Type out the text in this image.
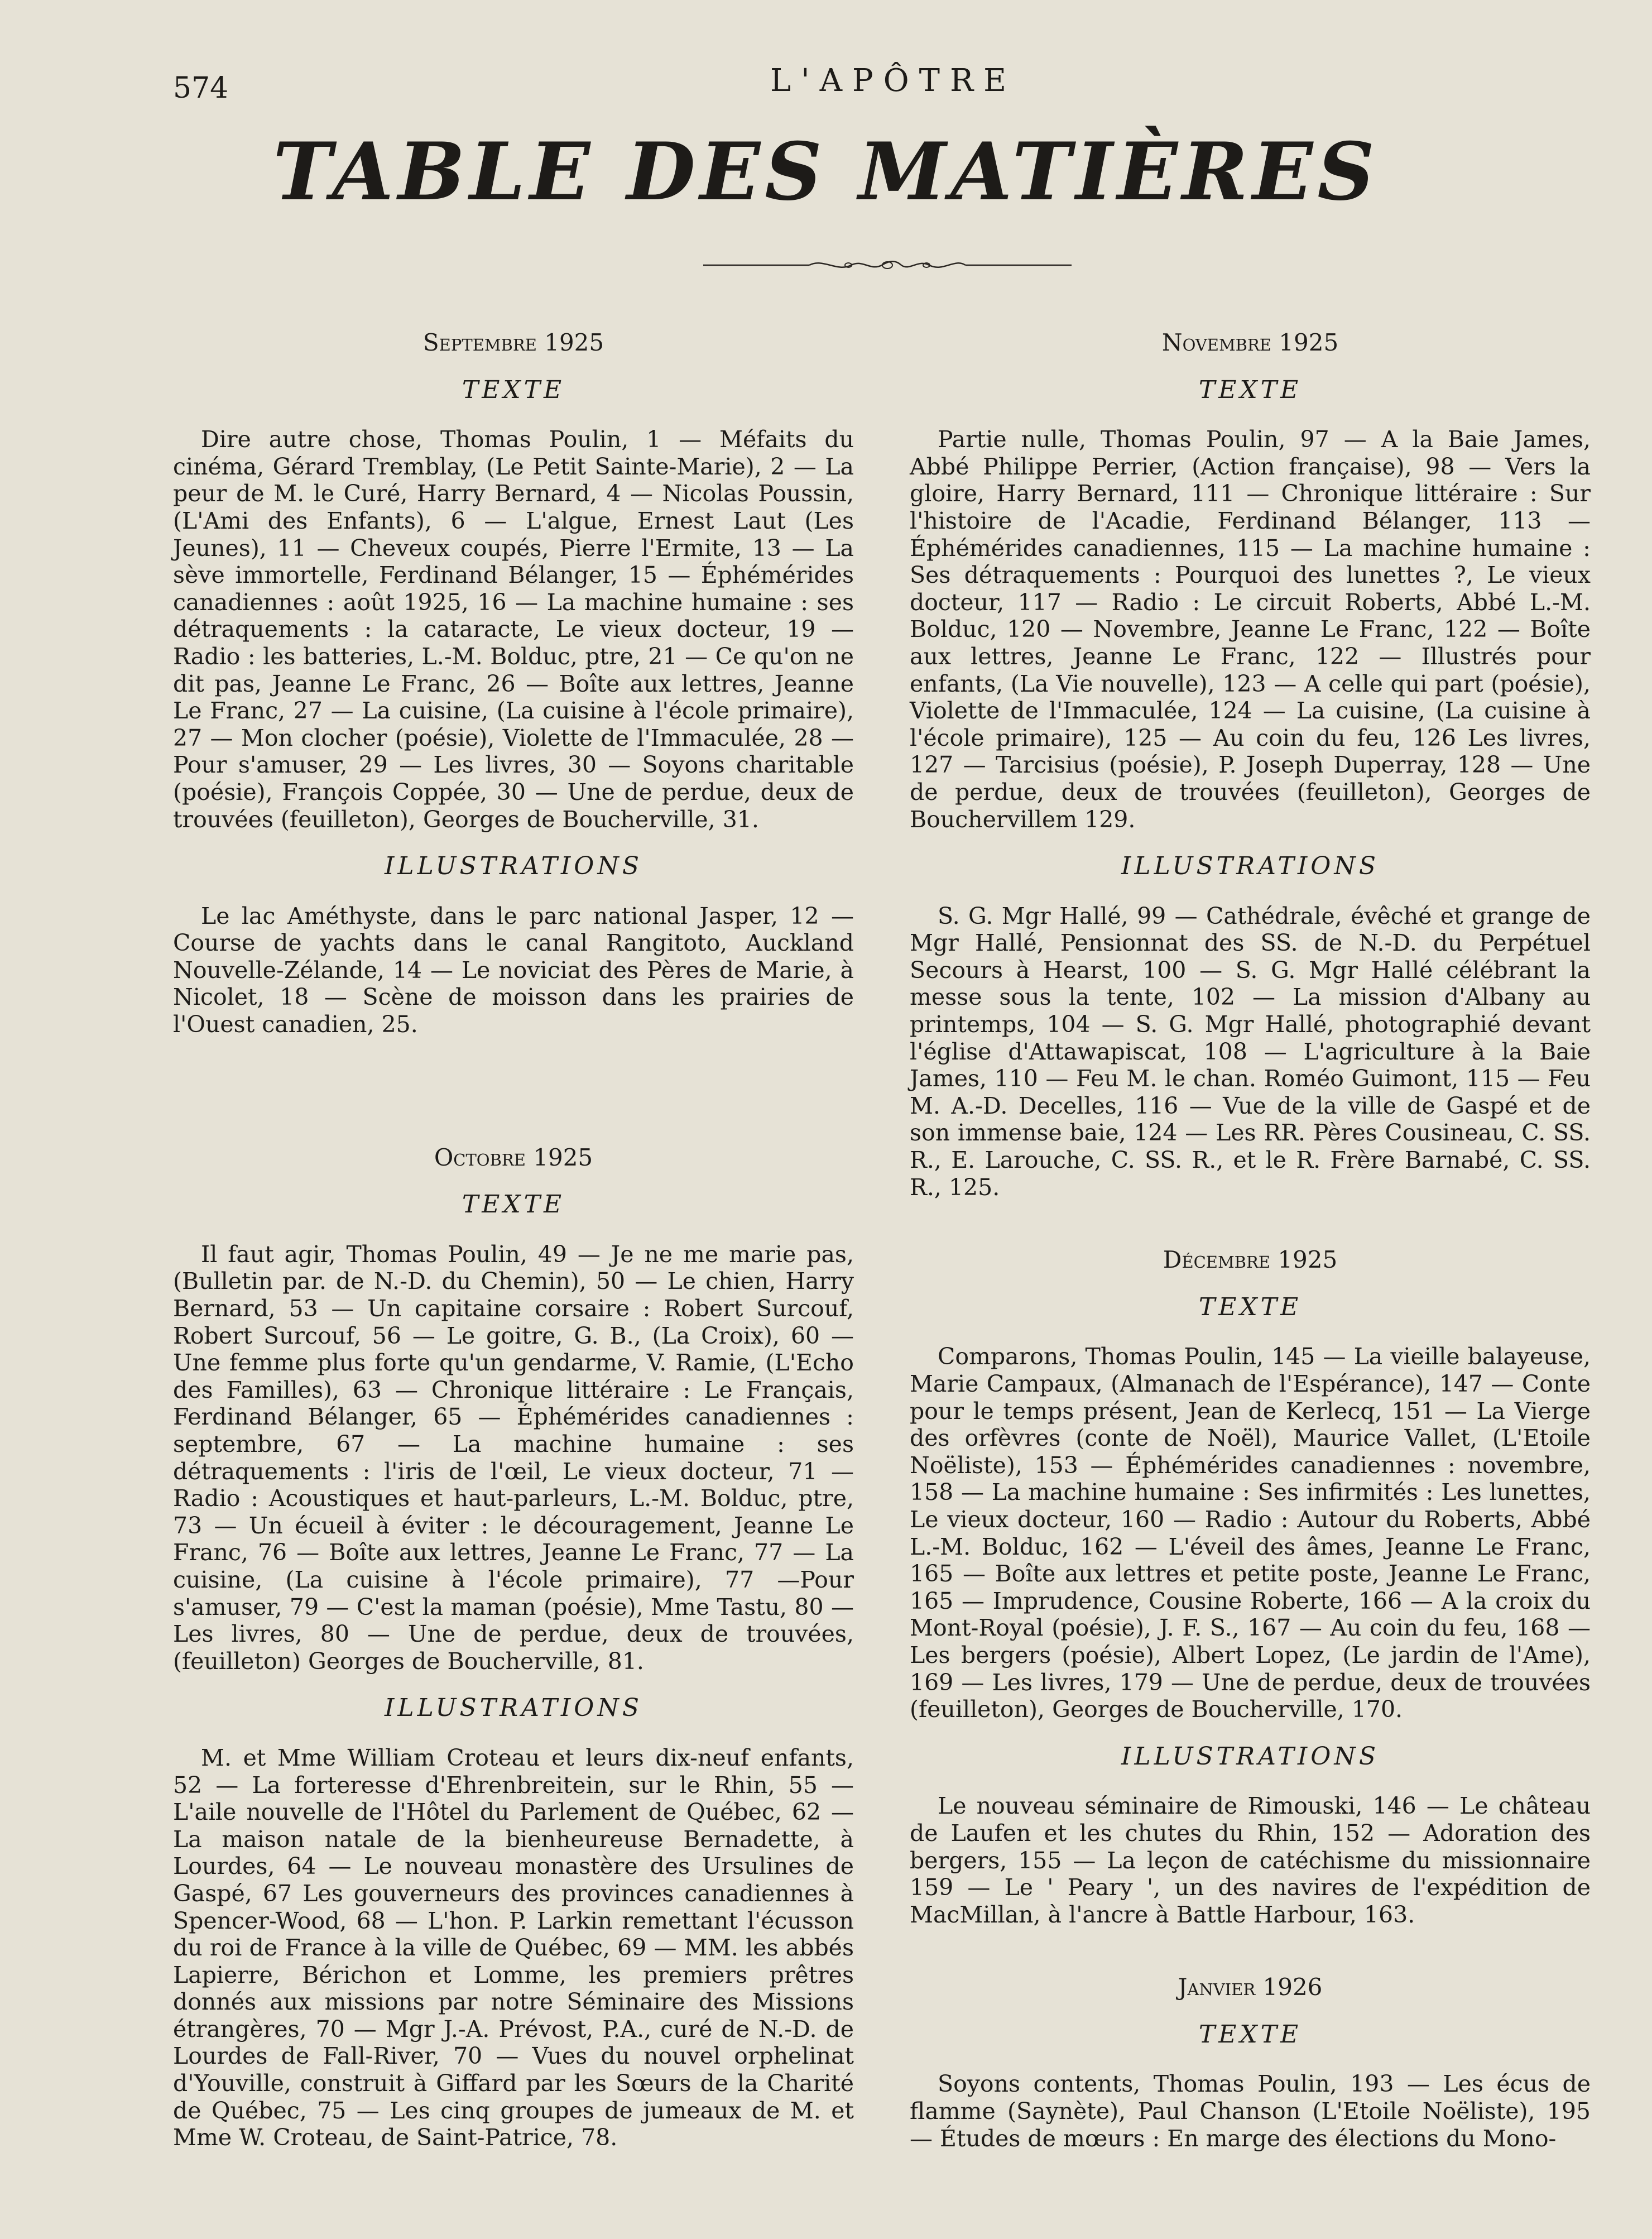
574	L'APÔTRE
TABLE DES MATIÈRES

Septembre 1925

TEXTE

Dire autre chose, Thomas Poulin, 1 — Méfaits du cinéma, Gérard Tremblay, (Le Petit Sainte-Marie), 2 — La peur de M. le Curé, Harry Bernard, 4 — Nicolas Poussin, (L'Ami des Enfants), 6 — L'algue, Ernest Laut (Les Jeunes), 11 — Cheveux coupés, Pierre l'Ermite, 13 — La sève immortelle, Ferdinand Bélanger, 15 — Éphémérides canadiennes : août 1925, 16 — La machine humaine : ses détraquements : la cataracte, Le vieux docteur, 19 — Radio : les batteries, L.-M. Bolduc, ptre, 21 — Ce qu'on ne dit pas, Jeanne Le Franc, 26 — Boîte aux lettres, Jeanne Le Franc, 27 — La cuisine, (La cuisine à l'école primaire), 27 — Mon clocher (poésie), Violette de l'Immaculée, 28 — Pour s'amuser, 29 — Les livres, 30 — Soyons charitable (poésie), François Coppée, 30 — Une de perdue, deux de trouvées (feuilleton), Georges de Boucherville, 31.

ILLUSTRATIONS

Le lac Améthyste, dans le parc national Jasper, 12 — Course de yachts dans le canal Rangitoto, Auckland Nouvelle-Zélande, 14 — Le noviciat des Pères de Marie, à Nicolet, 18 — Scène de moisson dans les prairies de l'Ouest canadien, 25.

Octobre 1925

TEXTE

Il faut agir, Thomas Poulin, 49 — Je ne me marie pas, (Bulletin par. de N.-D. du Chemin), 50 — Le chien, Harry Bernard, 53 — Un capitaine corsaire : Robert Surcouf, Robert Surcouf, 56 — Le goitre, G. B., (La Croix), 60 — Une femme plus forte qu'un gendarme, V. Ramie, (L'Echo des Familles), 63 — Chronique littéraire : Le Français, Ferdinand Bélanger, 65 — Éphémérides canadiennes : septembre, 67 — La machine humaine : ses détraquements : l'iris de l'œil, Le vieux docteur, 71 — Radio : Acoustiques et haut-parleurs, L.-M. Bolduc, ptre, 73 — Un écueil à éviter : le découragement, Jeanne Le Franc, 76 — Boîte aux lettres, Jeanne Le Franc, 77 — La cuisine, (La cuisine à l'école primaire), 77 —Pour s'amuser, 79 — C'est la maman (poésie), Mme Tastu, 80 — Les livres, 80 — Une de perdue, deux de trouvées, (feuilleton) Georges de Boucherville, 81.

ILLUSTRATIONS

M. et Mme William Croteau et leurs dix-neuf enfants, 52 — La forteresse d'Ehrenbreitein, sur le Rhin, 55 — L'aile nouvelle de l'Hôtel du Parlement de Québec, 62 — La maison natale de la bienheureuse Bernadette, à Lourdes, 64 — Le nouveau monastère des Ursulines de Gaspé, 67 Les gouverneurs des provinces canadiennes à Spencer-Wood, 68 — L'hon. P. Larkin remettant l'écusson du roi de France à la ville de Québec, 69 — MM. les abbés Lapierre, Bérichon et Lomme, les premiers prêtres donnés aux missions par notre Séminaire des Missions étrangères, 70 — Mgr J.-A. Prévost, P.A., curé de N.-D. de Lourdes de Fall-River, 70 — Vues du nouvel orphelinat d'Youville, construit à Giffard par les Sœurs de la Charité de Québec, 75 — Les cinq groupes de jumeaux de M. et Mme W. Croteau, de Saint-Patrice, 78.

Novembre 1925

TEXTE

Partie nulle, Thomas Poulin, 97 — A la Baie James, Abbé Philippe Perrier, (Action française), 98 — Vers la gloire, Harry Bernard, 111 — Chronique littéraire : Sur l'histoire de l'Acadie, Ferdinand Bélanger, 113 — Éphémérides canadiennes, 115 — La machine humaine : Ses détraquements : Pourquoi des lunettes ?, Le vieux docteur, 117 — Radio : Le circuit Roberts, Abbé L.-M. Bolduc, 120 — Novembre, Jeanne Le Franc, 122 — Boîte aux lettres, Jeanne Le Franc, 122 — Illustrés pour enfants, (La Vie nouvelle), 123 — A celle qui part (poésie), Violette de l'Immaculée, 124 — La cuisine, (La cuisine à l'école primaire), 125 — Au coin du feu, 126 Les livres, 127 — Tarcisius (poésie), P. Joseph Duperray, 128 — Une de perdue, deux de trouvées (feuilleton), Georges de Bouchervillem 129.

ILLUSTRATIONS

S. G. Mgr Hallé, 99 — Cathédrale, évêché et grange de Mgr Hallé, Pensionnat des SS. de N.-D. du Perpétuel Secours à Hearst, 100 — S. G. Mgr Hallé célébrant la messe sous la tente, 102 — La mission d'Albany au printemps, 104 — S. G. Mgr Hallé, photographié devant l'église d'Attawapiscat, 108 — L'agriculture à la Baie James, 110 — Feu M. le chan. Roméo Guimont, 115 — Feu M. A.-D. Decelles, 116 — Vue de la ville de Gaspé et de son immense baie, 124 — Les RR. Pères Cousineau, C. SS. R., E. Larouche, C. SS. R., et le R. Frère Barnabé, C. SS. R., 125.

Décembre 1925

TEXTE

Comparons, Thomas Poulin, 145 — La vieille balayeuse, Marie Campaux, (Almanach de l'Espérance), 147 — Conte pour le temps présent, Jean de Kerlecq, 151 — La Vierge des orfèvres (conte de Noël), Maurice Vallet, (L'Etoile Noëliste), 153 — Éphémérides canadiennes : novembre, 158 — La machine humaine : Ses infirmités : Les lunettes, Le vieux docteur, 160 — Radio : Autour du Roberts, Abbé L.-M. Bolduc, 162 — L'éveil des âmes, Jeanne Le Franc, 165 — Boîte aux lettres et petite poste, Jeanne Le Franc, 165 — Imprudence, Cousine Roberte, 166 — A la croix du Mont-Royal (poésie), J. F. S., 167 — Au coin du feu, 168 — Les bergers (poésie), Albert Lopez, (Le jardin de l'Ame), 169 — Les livres, 179 — Une de perdue, deux de trouvées (feuilleton), Georges de Boucherville, 170.

ILLUSTRATIONS

Le nouveau séminaire de Rimouski, 146 — Le château de Laufen et les chutes du Rhin, 152 — Adoration des bergers, 155 — La leçon de catéchisme du missionnaire 159 — Le ' Peary ', un des navires de l'expédition de MacMillan, à l'ancre à Battle Harbour, 163.

Janvier 1926

TEXTE

Soyons contents, Thomas Poulin, 193 — Les écus de flamme (Saynète), Paul Chanson (L'Etoile Noëliste), 195 — Études de mœurs : En marge des élections du Mono-
